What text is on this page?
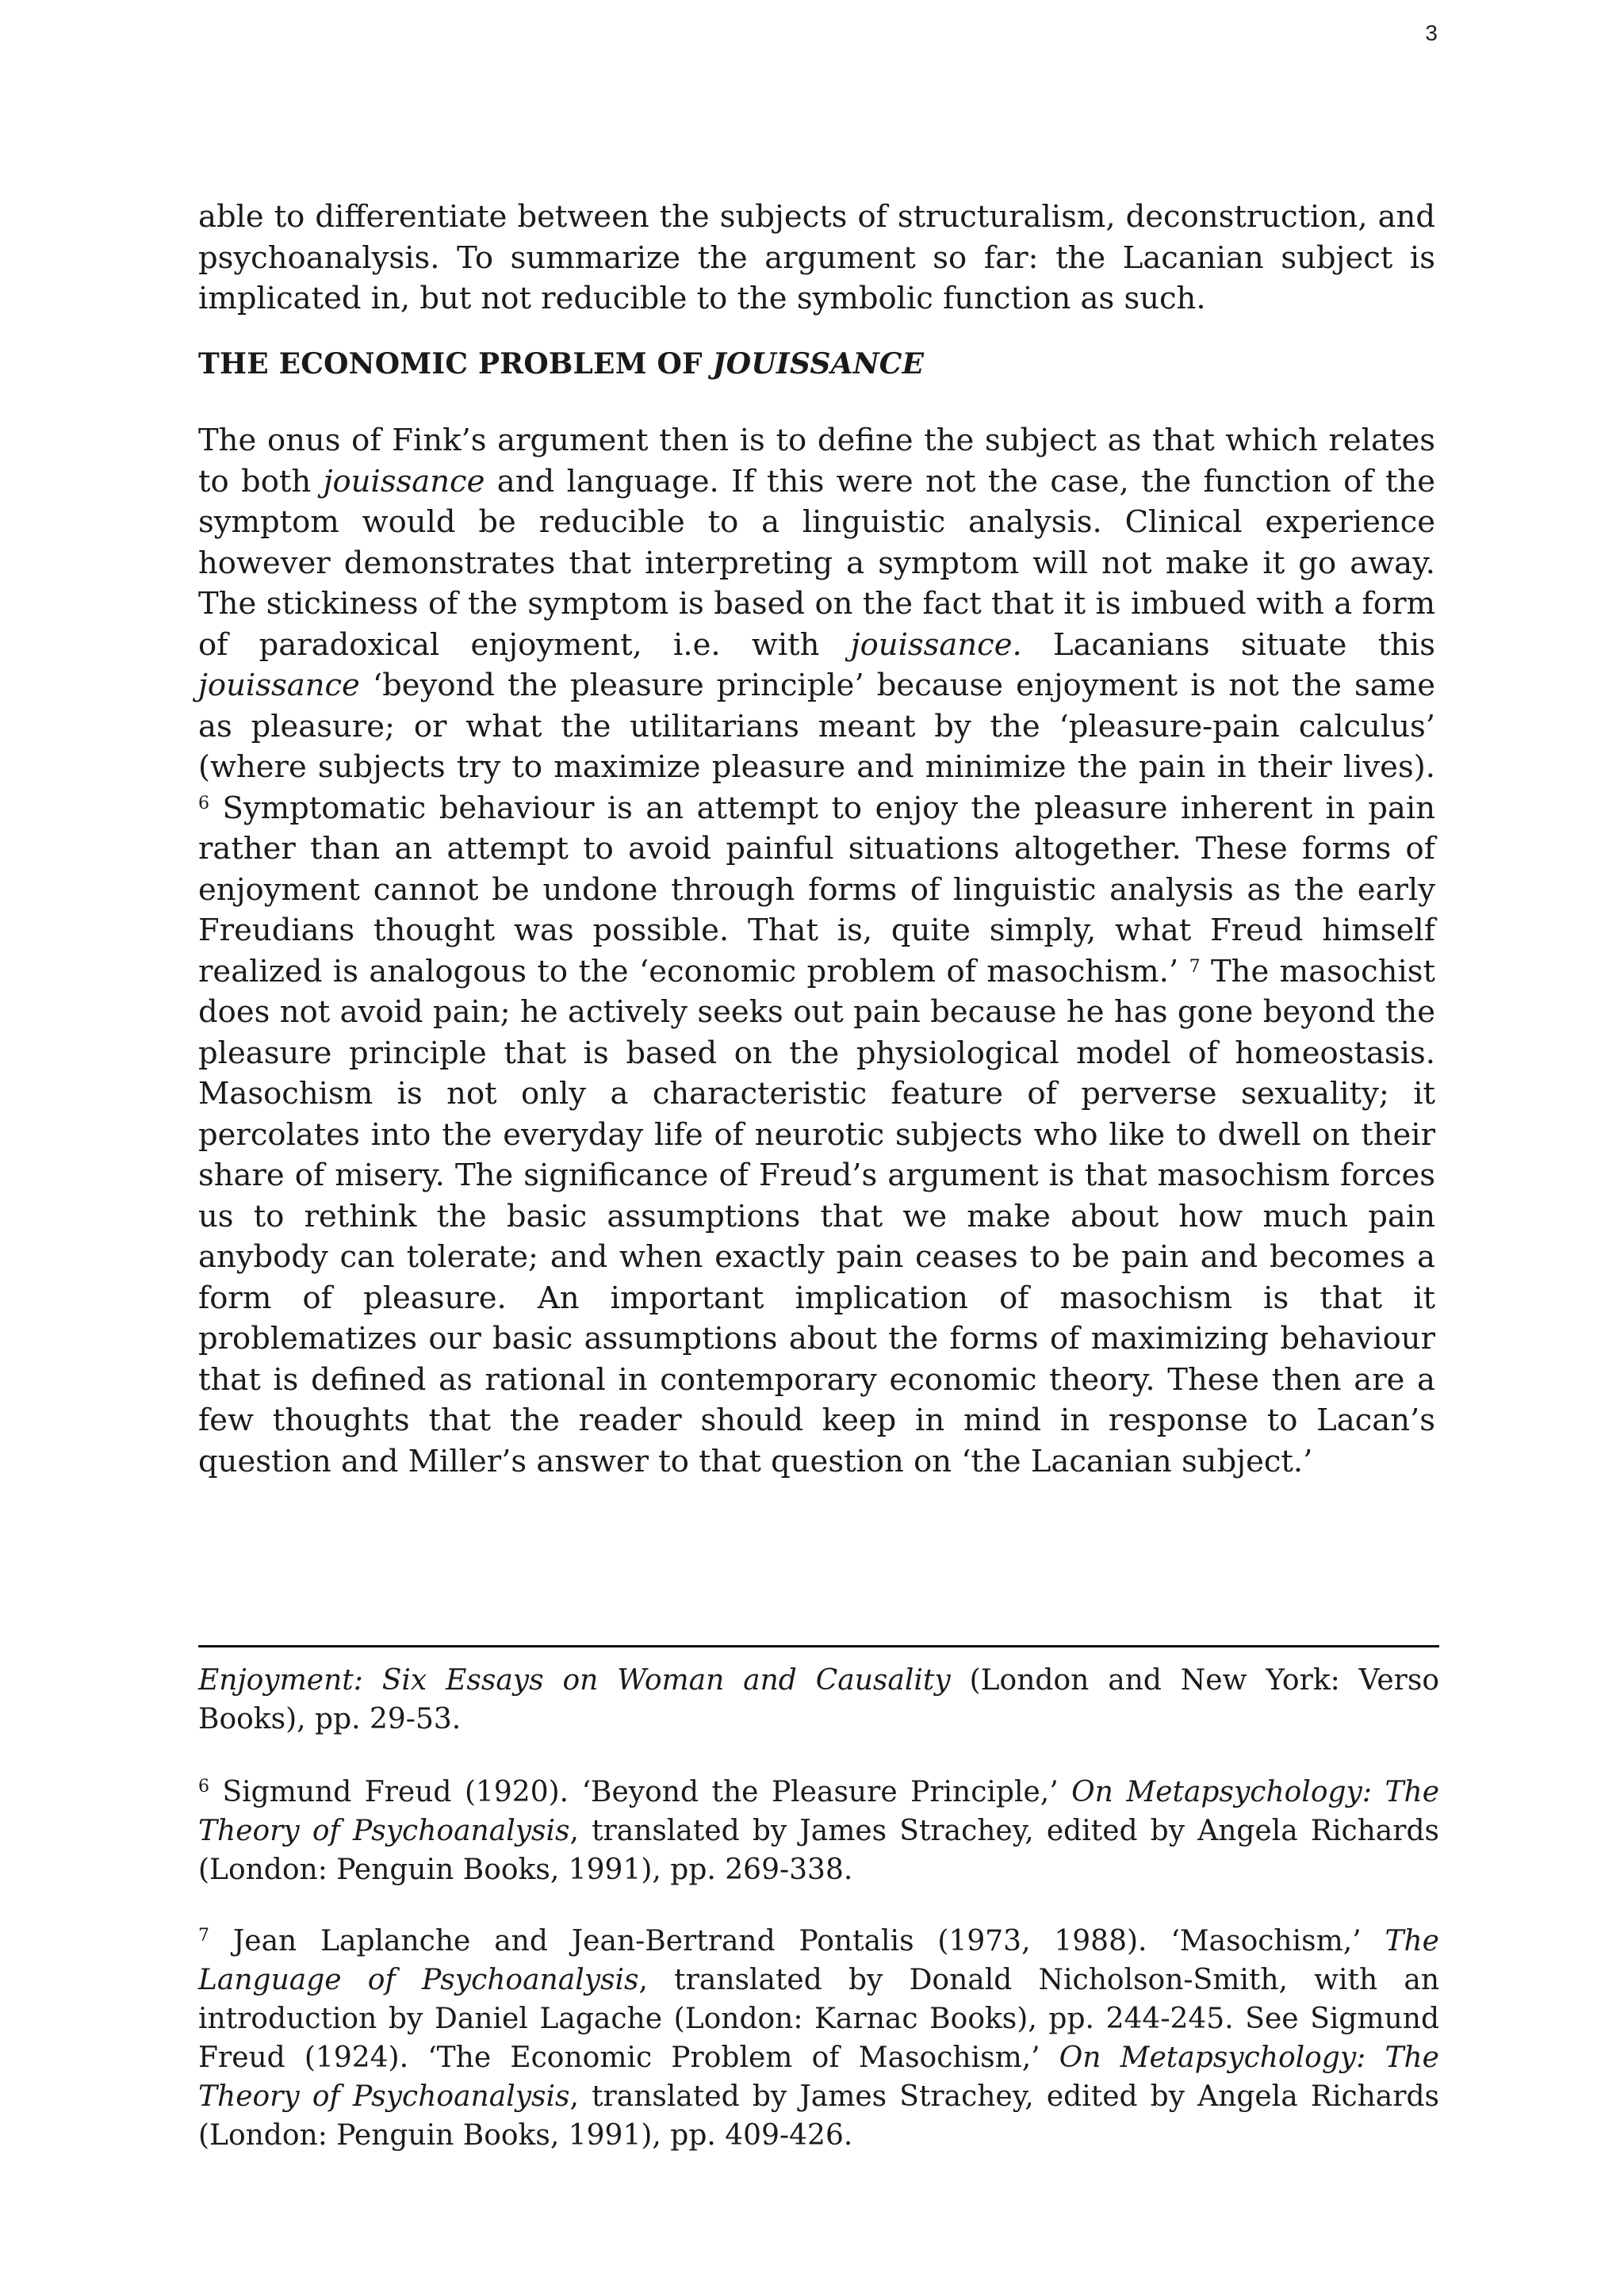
3

able to differentiate between the subjects of structuralism, deconstruction, and psychoanalysis. To summarize the argument so far: the Lacanian subject is implicated in, but not reducible to the symbolic function as such.

THE ECONOMIC PROBLEM OF JOUISSANCE

The onus of Fink’s argument then is to define the subject as that which relates to both jouissance and language. If this were not the case, the function of the symptom would be reducible to a linguistic analysis. Clinical experience however demonstrates that interpreting a symptom will not make it go away. The stickiness of the symptom is based on the fact that it is imbued with a form of paradoxical enjoyment, i.e. with jouissance. Lacanians situate this jouissance ‘beyond the pleasure principle’ because enjoyment is not the same as pleasure; or what the utilitarians meant by the ‘pleasure-pain calculus’ (where subjects try to maximize pleasure and minimize the pain in their lives). $^6$ Symptomatic behaviour is an attempt to enjoy the pleasure inherent in pain rather than an attempt to avoid painful situations altogether. These forms of enjoyment cannot be undone through forms of linguistic analysis as the early Freudians thought was possible. That is, quite simply, what Freud himself realized is analogous to the ‘economic problem of masochism.’ $^7$ The masochist does not avoid pain; he actively seeks out pain because he has gone beyond the pleasure principle that is based on the physiological model of homeostasis. Masochism is not only a characteristic feature of perverse sexuality; it percolates into the everyday life of neurotic subjects who like to dwell on their share of misery. The significance of Freud’s argument is that masochism forces us to rethink the basic assumptions that we make about how much pain anybody can tolerate; and when exactly pain ceases to be pain and becomes a form of pleasure. An important implication of masochism is that it problematizes our basic assumptions about the forms of maximizing behaviour that is defined as rational in contemporary economic theory. These then are a few thoughts that the reader should keep in mind in response to Lacan’s question and Miller’s answer to that question on ‘the Lacanian subject.’

Enjoyment: Six Essays on Woman and Causality (London and New York: Verso Books), pp. 29-53.

$^6$ Sigmund Freud (1920). ‘Beyond the Pleasure Principle,’ On Metapsychology: The Theory of Psychoanalysis, translated by James Strachey, edited by Angela Richards (London: Penguin Books, 1991), pp. 269-338.

$^7$ Jean Laplanche and Jean-Bertrand Pontalis (1973, 1988). ‘Masochism,’ The Language of Psychoanalysis, translated by Donald Nicholson-Smith, with an introduction by Daniel Lagache (London: Karnac Books), pp. 244-245. See Sigmund Freud (1924). ‘The Economic Problem of Masochism,’ On Metapsychology: The Theory of Psychoanalysis, translated by James Strachey, edited by Angela Richards (London: Penguin Books, 1991), pp. 409-426.
